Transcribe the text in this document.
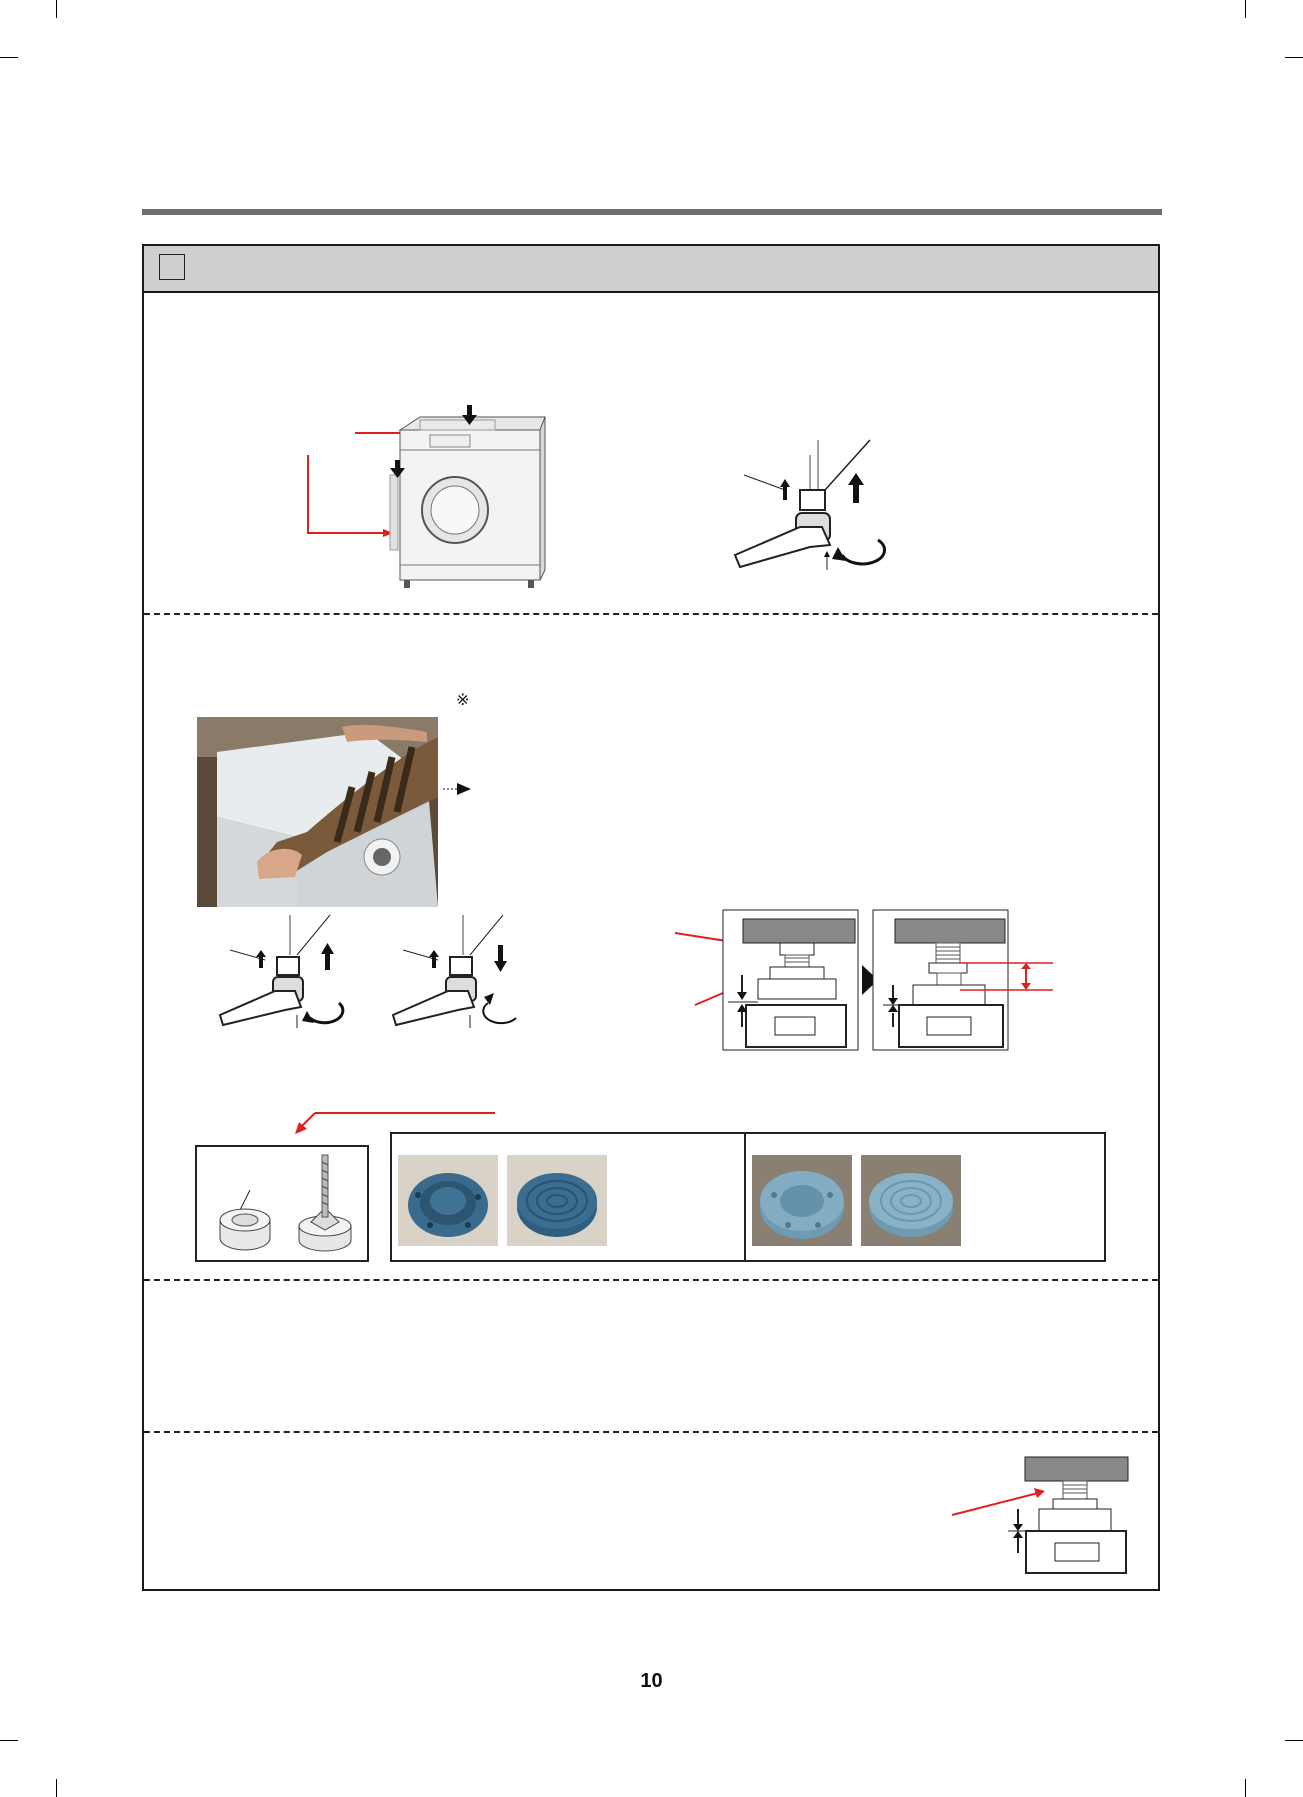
※
10
